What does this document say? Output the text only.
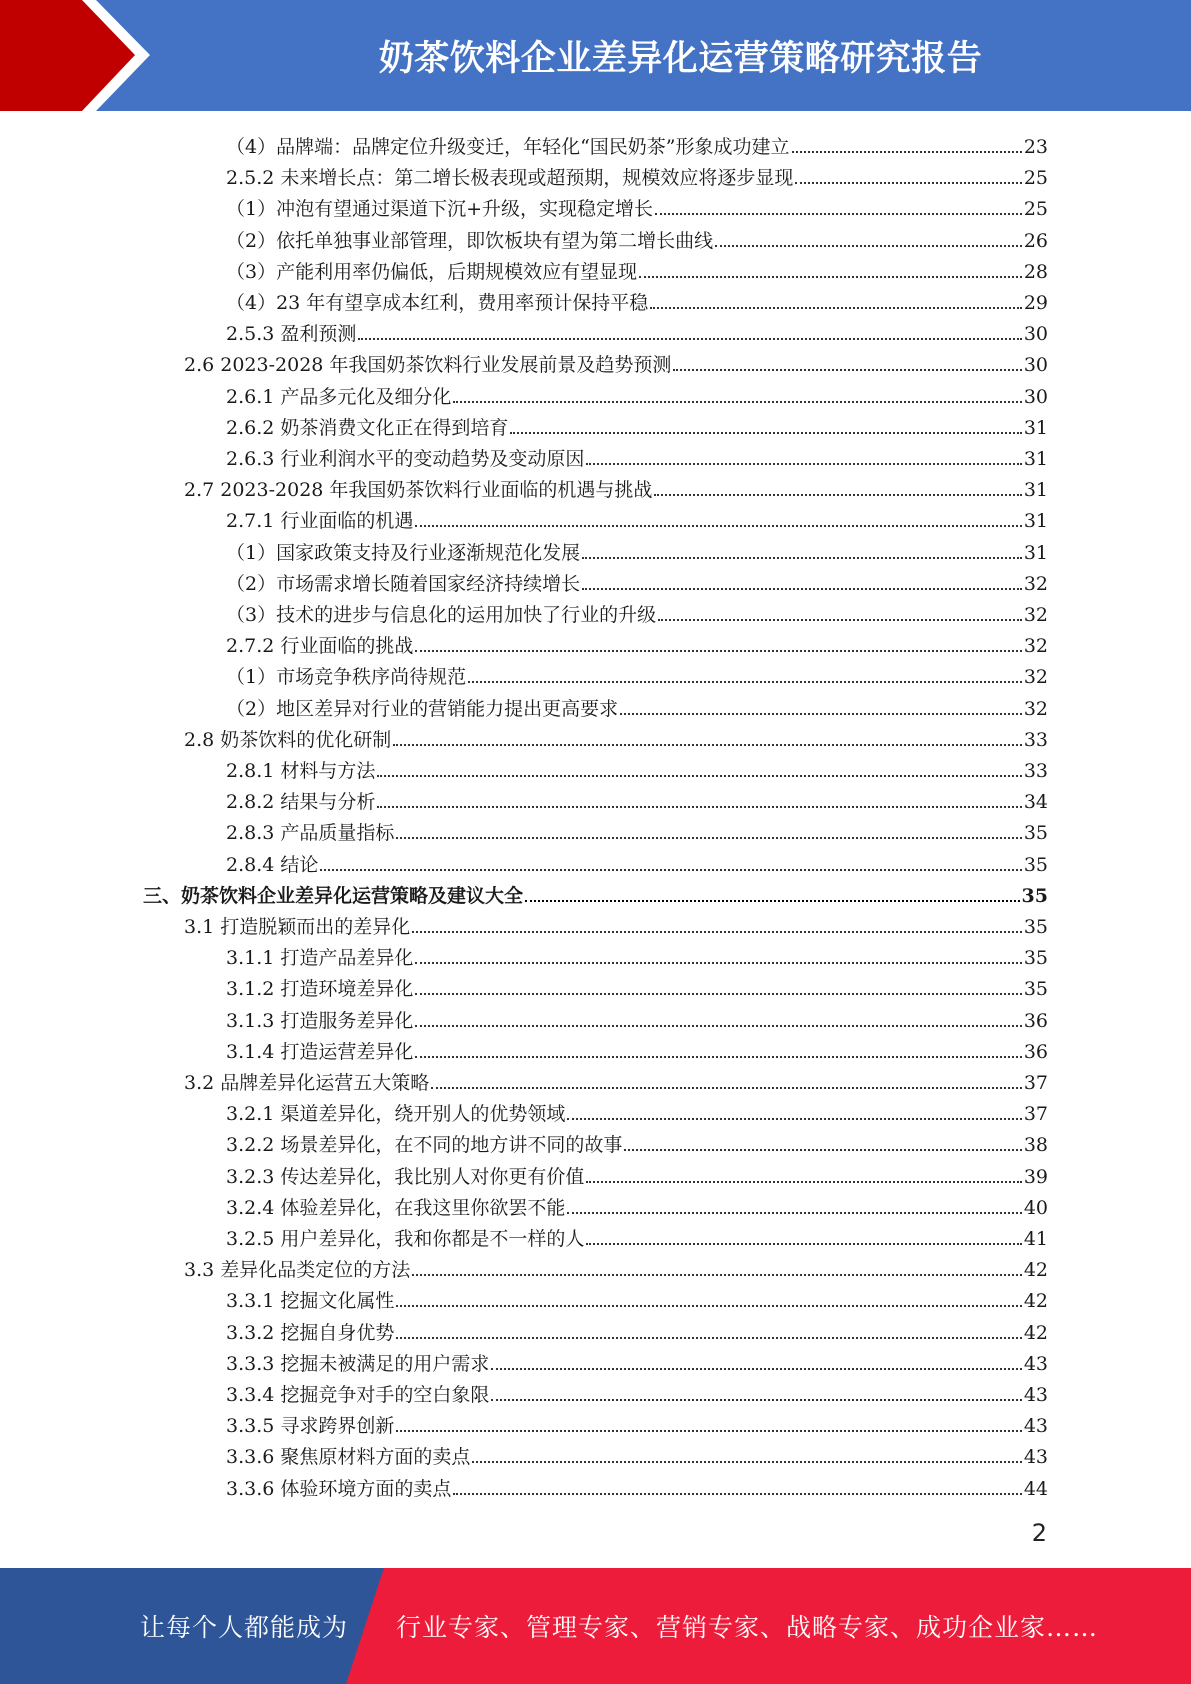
奶茶饮料企业差异化运营策略研究报告
（4）品牌端：品牌定位升级变迁，年轻化“国民奶茶”形象成功建立	23
2.5.2 未来增长点：第二增长极表现或超预期，规模效应将逐步显现	25
（1）冲泡有望通过渠道下沉+升级，实现稳定增长	25
（2）依托单独事业部管理，即饮板块有望为第二增长曲线	26
（3）产能利用率仍偏低，后期规模效应有望显现	28
（4）23 年有望享成本红利，费用率预计保持平稳	29
2.5.3 盈利预测	30
2.6 2023-2028 年我国奶茶饮料行业发展前景及趋势预测	30
2.6.1 产品多元化及细分化	30
2.6.2 奶茶消费文化正在得到培育	31
2.6.3 行业利润水平的变动趋势及变动原因	31
2.7 2023-2028 年我国奶茶饮料行业面临的机遇与挑战	31
2.7.1 行业面临的机遇	31
（1）国家政策支持及行业逐渐规范化发展	31
（2）市场需求增长随着国家经济持续增长	32
（3）技术的进步与信息化的运用加快了行业的升级	32
2.7.2 行业面临的挑战	32
（1）市场竞争秩序尚待规范	32
（2）地区差异对行业的营销能力提出更高要求	32
2.8 奶茶饮料的优化研制	33
2.8.1 材料与方法	33
2.8.2 结果与分析	34
2.8.3 产品质量指标	35
2.8.4 结论	35
三、奶茶饮料企业差异化运营策略及建议大全	35
3.1 打造脱颖而出的差异化	35
3.1.1 打造产品差异化	35
3.1.2 打造环境差异化	35
3.1.3 打造服务差异化	36
3.1.4 打造运营差异化	36
3.2 品牌差异化运营五大策略	37
3.2.1 渠道差异化，绕开别人的优势领域	37
3.2.2 场景差异化，在不同的地方讲不同的故事	38
3.2.3 传达差异化，我比别人对你更有价值	39
3.2.4 体验差异化，在我这里你欲罢不能	40
3.2.5 用户差异化，我和你都是不一样的人	41
3.3 差异化品类定位的方法	42
3.3.1 挖掘文化属性	42
3.3.2 挖掘自身优势	42
3.3.3 挖掘未被满足的用户需求	43
3.3.4 挖掘竞争对手的空白象限	43
3.3.5 寻求跨界创新	43
3.3.6 聚焦原材料方面的卖点	43
3.3.6 体验环境方面的卖点	44
2
让每个人都能成为 行业专家、管理专家、营销专家、战略专家、成功企业家……
